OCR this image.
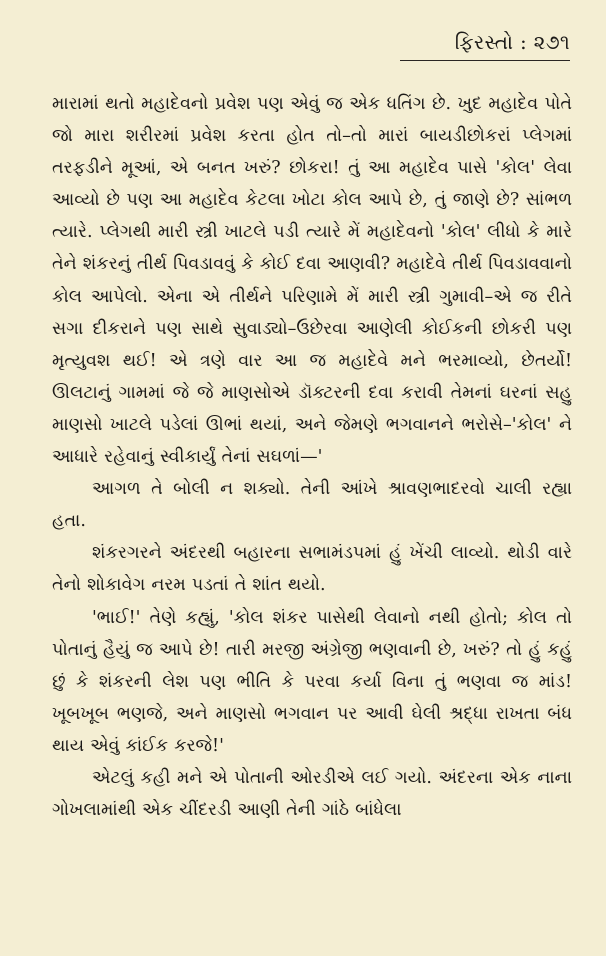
ફિરસ્તો : ૨૭૧

મારામાં થતો મહાદેવનો પ્રવેશ પણ એવું જ એક ધતિંગ છે. ખુદ મહાદેવ પોતે જો મારા શરીરમાં પ્રવેશ કરતા હોત તો–તો મારાં બાયડીછોકરાં પ્લેગમાં તરફડીને મૂઆં, એ બનત ખરું? છોકરા! તું આ મહાદેવ પાસે 'કોલ' લેવા આવ્યો છે પણ આ મહાદેવ કેટલા ખોટા કોલ આપે છે, તું જાણે છે? સાંભળ ત્યારે. પ્લેગથી મારી સ્ત્રી ખાટલે પડી ત્યારે મેં મહાદેવનો 'કોલ' લીધો કે મારે તેને શંકરનું તીર્થ પિવડાવવું કે કોઈ દવા આણવી? મહાદેવે તીર્થ પિવડાવવાનો કોલ આપેલો. એના એ તીર્થને પરિણામે મેં મારી સ્ત્રી ગુમાવી–એ જ રીતે સગા દીકરાને પણ સાથે સુવાડ્યો–ઉછેરવા આણેલી કોઈકની છોકરી પણ મૃત્યુવશ થઈ! એ ત્રણે વાર આ જ મહાદેવે મને ભરમાવ્યો, છેતર્યો! ઊલટાનું ગામમાં જે જે માણસોએ ડૉક્ટરની દવા કરાવી તેમનાં ઘરનાં સહુ માણસો ખાટલે પડેલાં ઊભાં થયાં, અને જેમણે ભગવાનને ભરોસે–'કોલ' ને આધારે રહેવાનું સ્વીકાર્યું તેનાં સઘળાં—'

આગળ તે બોલી ન શક્યો. તેની આંખે શ્રાવણભાદરવો ચાલી રહ્યા હતા.

શંકરગરને અંદરથી બહારના સભામંડપમાં હું ખેંચી લાવ્યો. થોડી વારે તેનો શોકાવેગ નરમ પડતાં તે શાંત થયો.

'ભાઈ!' તેણે કહ્યું, 'કોલ શંકર પાસેથી લેવાનો નથી હોતો; કોલ તો પોતાનું હૈયું જ આપે છે! તારી મરજી અંગ્રેજી ભણવાની છે, ખરું? તો હું કહું છું કે શંકરની લેશ પણ ભીતિ કે પરવા કર્યા વિના તું ભણવા જ માંડ! ખૂબખૂબ ભણજે, અને માણસો ભગવાન પર આવી ઘેલી શ્રદ્ધા રાખતા બંધ થાય એવું કાંઈક કરજે!'

એટલું કહી મને એ પોતાની ઓરડીએ લઈ ગયો. અંદરના એક નાના ગોખલામાંથી એક ચીંદરડી આણી તેની ગાંઠે બાંધેલા
